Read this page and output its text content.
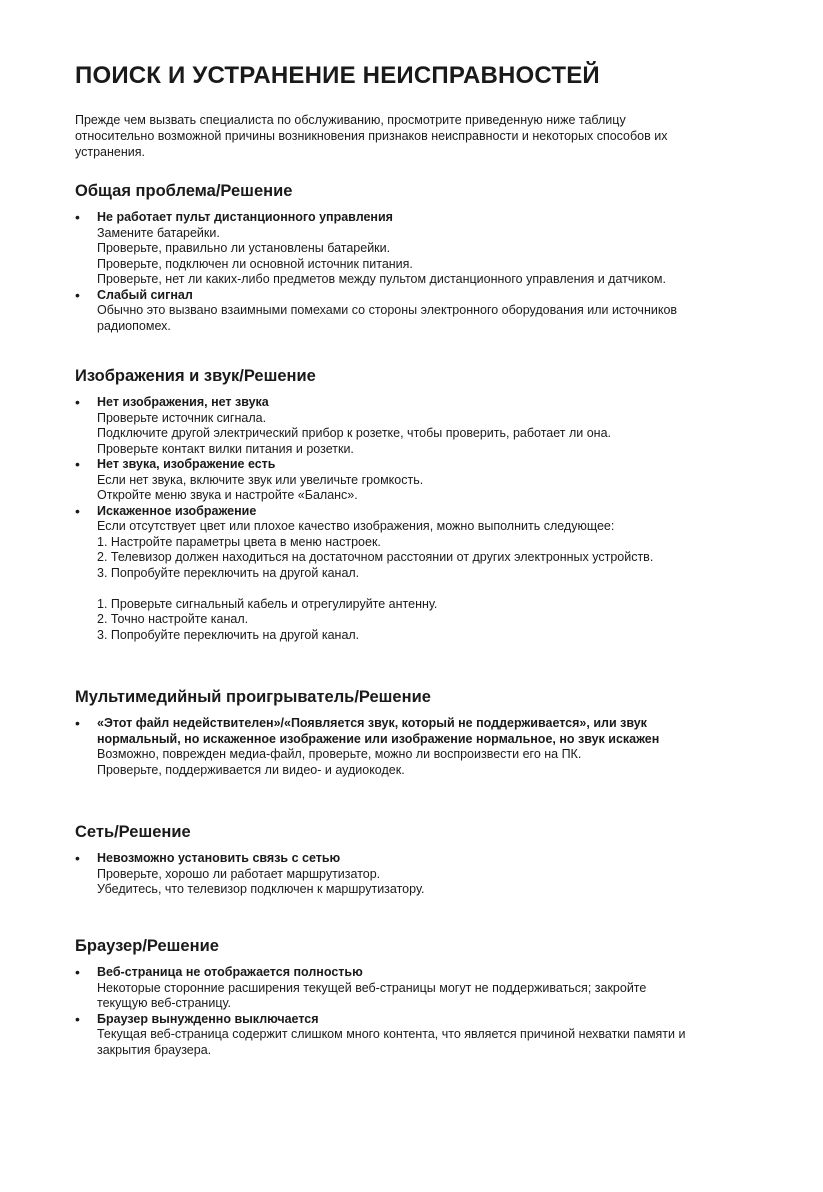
ПОИСК И УСТРАНЕНИЕ НЕИСПРАВНОСТЕЙ
Прежде чем вызвать специалиста по обслуживанию, просмотрите приведенную ниже таблицу
относительно возможной причины возникновения признаков неисправности и некоторых способов их
устранения.
Общая проблема/Решение
• Не работает пульт дистанционного управления
Замените батарейки.
Проверьте, правильно ли установлены батарейки.
Проверьте, подключен ли основной источник питания.
Проверьте, нет ли каких-либо предметов между пультом дистанционного управления и датчиком.
• Слабый сигнал
Обычно это вызвано взаимными помехами со стороны электронного оборудования или источников
радиопомех.
Изображения и звук/Решение
• Нет изображения, нет звука
Проверьте источник сигнала.
Подключите другой электрический прибор к розетке, чтобы проверить, работает ли она.
Проверьте контакт вилки питания и розетки.
• Нет звука, изображение есть
Если нет звука, включите звук или увеличьте громкость.
Откройте меню звука и настройте «Баланс».
• Искаженное изображение
Если отсутствует цвет или плохое качество изображения, можно выполнить следующее:
1. Настройте параметры цвета в меню настроек.
2. Телевизор должен находиться на достаточном расстоянии от других электронных устройств.
3. Попробуйте переключить на другой канал.
1. Проверьте сигнальный кабель и отрегулируйте антенну.
2. Точно настройте канал.
3. Попробуйте переключить на другой канал.
Мультимедийный проигрыватель/Решение
• «Этот файл недействителен»/«Появляется звук, который не поддерживается», или звук
нормальный, но искаженное изображение или изображение нормальное, но звук искажен
Возможно, поврежден медиа-файл, проверьте, можно ли воспроизвести его на ПК.
Проверьте, поддерживается ли видео- и аудиокодек.
Сеть/Решение
• Невозможно установить связь с сетью
Проверьте, хорошо ли работает маршрутизатор.
Убедитесь, что телевизор подключен к маршрутизатору.
Браузер/Решение
• Веб-страница не отображается полностью
Некоторые сторонние расширения текущей веб-страницы могут не поддерживаться; закройте
текущую веб-страницу.
• Браузер вынужденно выключается
Текущая веб-страница содержит слишком много контента, что является причиной нехватки памяти и
закрытия браузера.
